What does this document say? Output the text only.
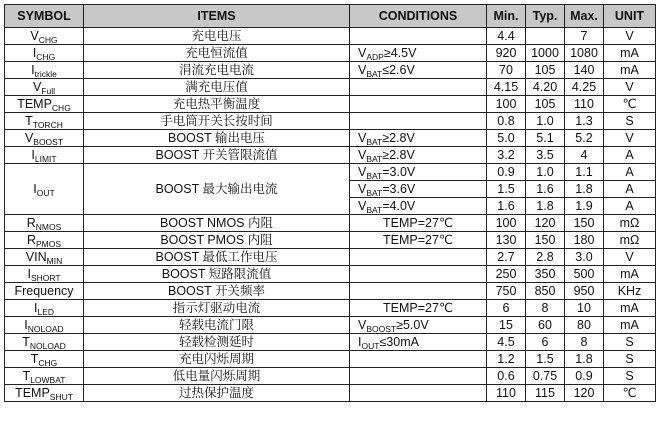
SYMBOL	ITEMS	CONDITIONS	Min.	Typ.	Max.	UNIT
$V_{CHG}$	充电电压		4.4		7	V
$I_{CHG}$	充电恒流值	$V_{ADP}\ge 4.5V$	920	1000	1080	mA
$I_{trickle}$	涓流充电电流	$V_{BAT}\le 2.6V$	70	105	140	mA
$V_{Full}$	满充电压值		4.15	4.20	4.25	V
$TEMP_{CHG}$	充电热平衡温度		100	105	110	℃
$T_{TORCH}$	手电筒开关长按时间		0.8	1.0	1.3	S
$V_{BOOST}$	BOOST 输出电压	$V_{BAT}\ge 2.8V$	5.0	5.1	5.2	V
$I_{LIMIT}$	BOOST 开关管限流值	$V_{BAT}\ge 2.8V$	3.2	3.5	4	A
$I_{OUT}$	BOOST 最大输出电流	$V_{BAT}=3.0V$	0.9	1.0	1.1	A
		$V_{BAT}=3.6V$	1.5	1.6	1.8	A
		$V_{BAT}=4.0V$	1.6	1.8	1.9	A
$R_{NMOS}$	BOOST NMOS 内阻	TEMP=27℃	100	120	150	mΩ
$R_{PMOS}$	BOOST PMOS 内阻	TEMP=27℃	130	150	180	mΩ
$VIN_{MIN}$	BOOST 最低工作电压		2.7	2.8	3.0	V
$I_{SHORT}$	BOOST 短路限流值		250	350	500	mA
Frequency	BOOST 开关频率		750	850	950	KHz
$I_{LED}$	指示灯驱动电流	TEMP=27℃	6	8	10	mA
$I_{NOLOAD}$	轻载电流门限	$V_{BOOST}\ge 5.0V$	15	60	80	mA
$T_{NOLOAD}$	轻载检测延时	$I_{OUT}\le 30mA$	4.5	6	8	S
$T_{CHG}$	充电闪烁周期		1.2	1.5	1.8	S
$T_{LOWBAT}$	低电量闪烁周期		0.6	0.75	0.9	S
$TEMP_{SHUT}$	过热保护温度		110	115	120	℃
